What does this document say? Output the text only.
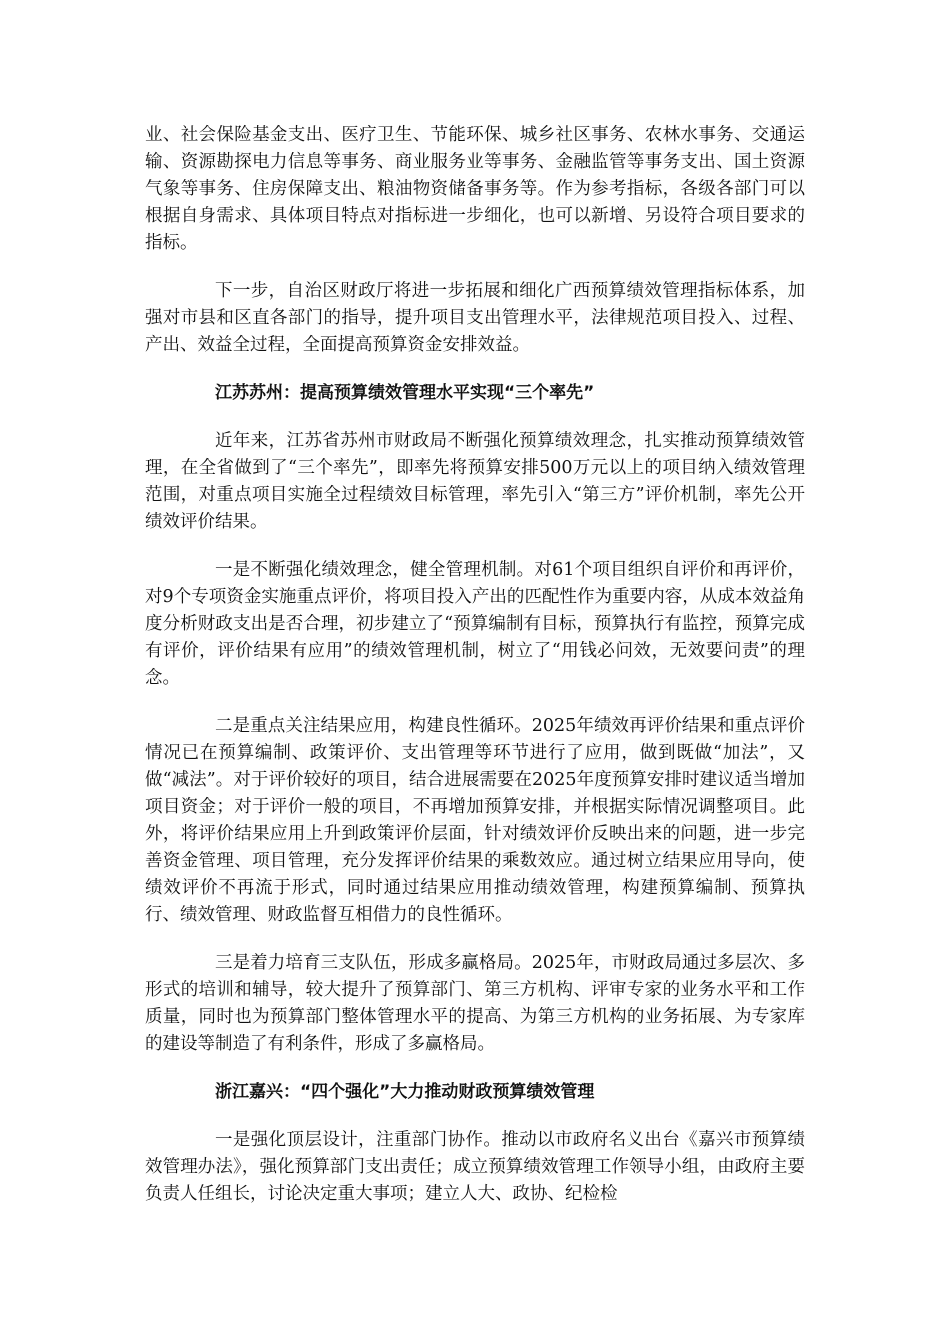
业、社会保险基金支出、医疗卫生、节能环保、城乡社区事务、农林水事务、交通运输、资源勘探电力信息等事务、商业服务业等事务、金融监管等事务支出、国土资源气象等事务、住房保障支出、粮油物资储备事务等。作为参考指标，各级各部门可以根据自身需求、具体项目特点对指标进一步细化，也可以新增、另设符合项目要求的指标。

下一步，自治区财政厅将进一步拓展和细化广西预算绩效管理指标体系，加强对市县和区直各部门的指导，提升项目支出管理水平，法律规范项目投入、过程、产出、效益全过程，全面提高预算资金安排效益。

江苏苏州：提高预算绩效管理水平实现“三个率先”

近年来，江苏省苏州市财政局不断强化预算绩效理念，扎实推动预算绩效管理，在全省做到了“三个率先”，即率先将预算安排500万元以上的项目纳入绩效管理范围，对重点项目实施全过程绩效目标管理，率先引入“第三方”评价机制，率先公开绩效评价结果。

一是不断强化绩效理念，健全管理机制。对61个项目组织自评价和再评价，对9个专项资金实施重点评价，将项目投入产出的匹配性作为重要内容，从成本效益角度分析财政支出是否合理，初步建立了“预算编制有目标，预算执行有监控，预算完成有评价，评价结果有应用”的绩效管理机制，树立了“用钱必问效，无效要问责”的理念。

二是重点关注结果应用，构建良性循环。2025年绩效再评价结果和重点评价情况已在预算编制、政策评价、支出管理等环节进行了应用，做到既做“加法”，又做“减法”。对于评价较好的项目，结合进展需要在2025年度预算安排时建议适当增加项目资金；对于评价一般的项目，不再增加预算安排，并根据实际情况调整项目。此外，将评价结果应用上升到政策评价层面，针对绩效评价反映出来的问题，进一步完善资金管理、项目管理，充分发挥评价结果的乘数效应。通过树立结果应用导向，使绩效评价不再流于形式，同时通过结果应用推动绩效管理，构建预算编制、预算执行、绩效管理、财政监督互相借力的良性循环。

三是着力培育三支队伍，形成多赢格局。2025年，市财政局通过多层次、多形式的培训和辅导，较大提升了预算部门、第三方机构、评审专家的业务水平和工作质量，同时也为预算部门整体管理水平的提高、为第三方机构的业务拓展、为专家库的建设等制造了有利条件，形成了多赢格局。

浙江嘉兴：“四个强化”大力推动财政预算绩效管理

一是强化顶层设计，注重部门协作。推动以市政府名义出台《嘉兴市预算绩效管理办法》，强化预算部门支出责任；成立预算绩效管理工作领导小组，由政府主要负责人任组长，讨论决定重大事项；建立人大、政协、纪检检
